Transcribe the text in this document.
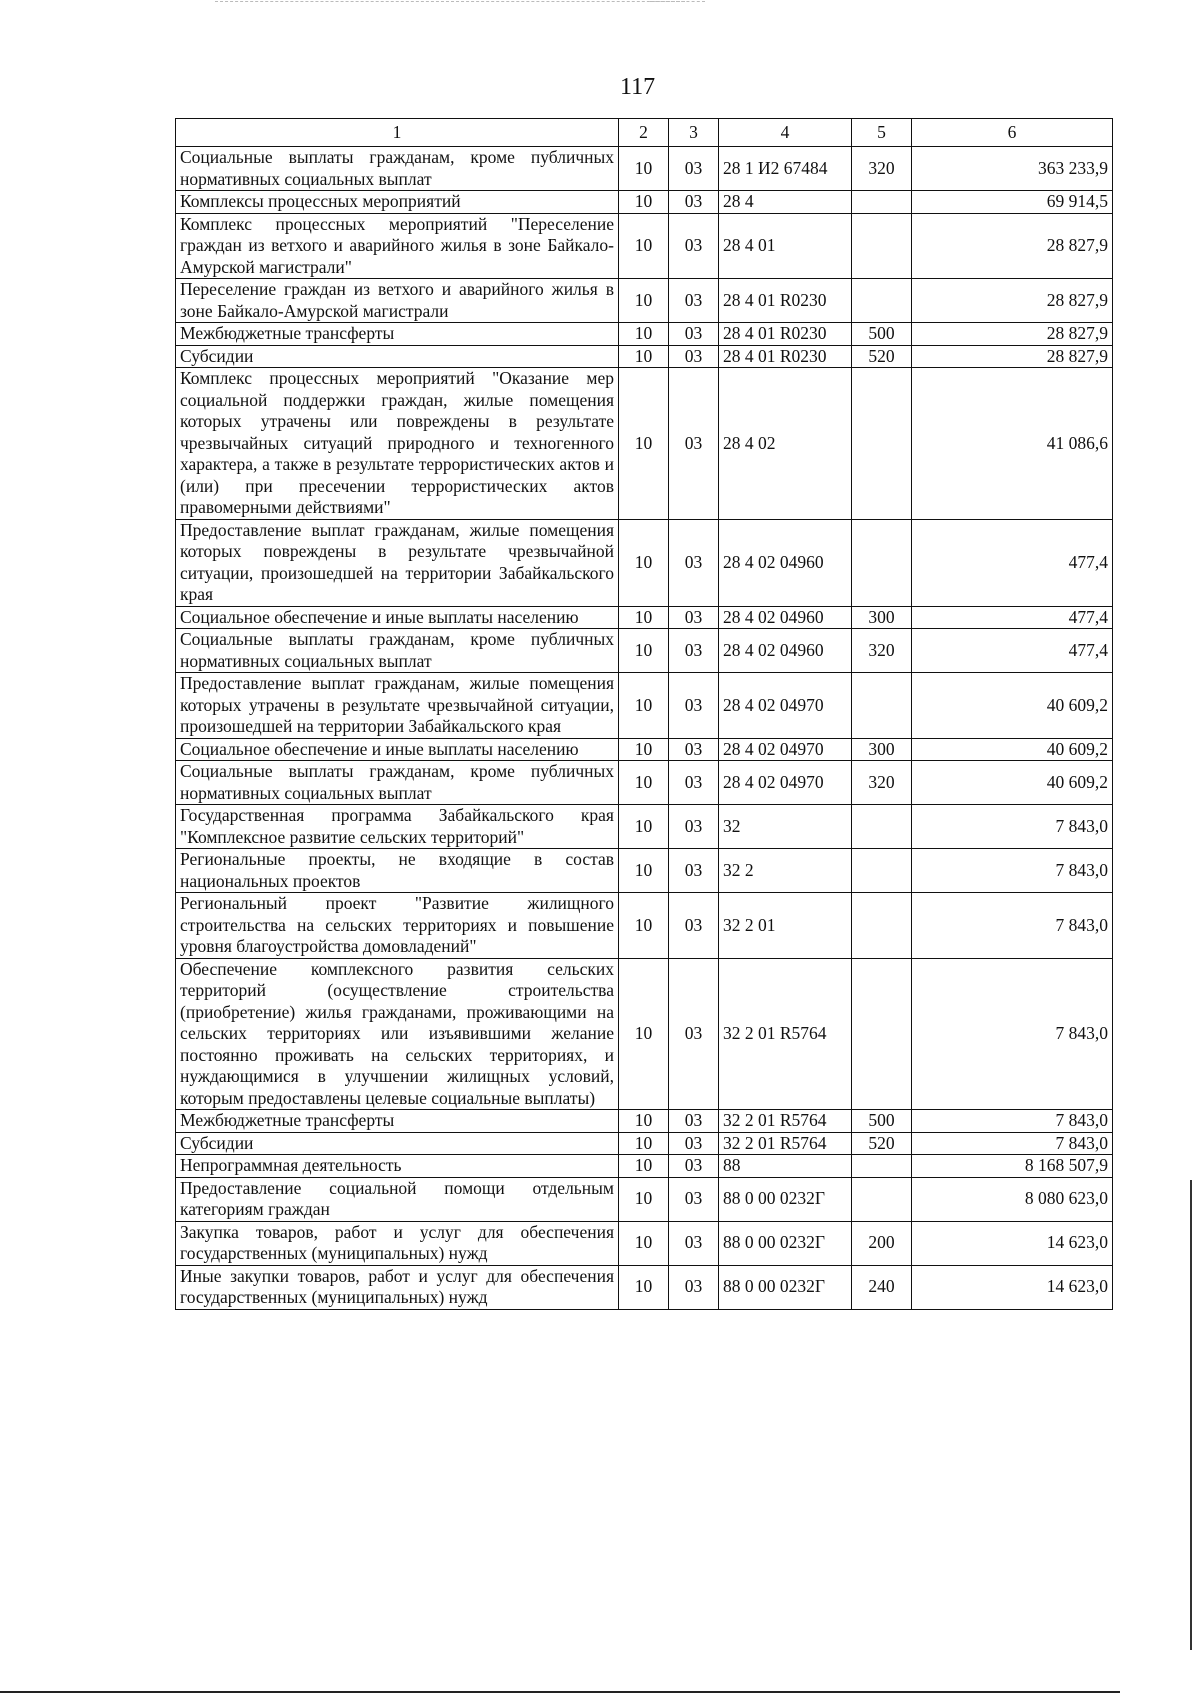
117
1	2	3	4	5	6
Социальные выплаты гражданам, кроме публичных нормативных социальных выплат	10	03	28 1 И2 67484	320	363 233,9
Комплексы процессных мероприятий	10	03	28 4		69 914,5
Комплекс процессных мероприятий "Переселение граждан из ветхого и аварийного жилья в зоне Байкало-Амурской магистрали"	10	03	28 4 01		28 827,9
Переселение граждан из ветхого и аварийного жилья в зоне Байкало-Амурской магистрали	10	03	28 4 01 R0230		28 827,9
Межбюджетные трансферты	10	03	28 4 01 R0230	500	28 827,9
Субсидии	10	03	28 4 01 R0230	520	28 827,9
Комплекс процессных мероприятий "Оказание мер социальной поддержки граждан, жилые помещения которых утрачены или повреждены в результате чрезвычайных ситуаций природного и техногенного характера, а также в результате террористических актов и (или) при пресечении террористических актов правомерными действиями"	10	03	28 4 02		41 086,6
Предоставление выплат гражданам, жилые помещения которых повреждены в результате чрезвычайной ситуации, произошедшей на территории Забайкальского края	10	03	28 4 02 04960		477,4
Социальное обеспечение и иные выплаты населению	10	03	28 4 02 04960	300	477,4
Социальные выплаты гражданам, кроме публичных нормативных социальных выплат	10	03	28 4 02 04960	320	477,4
Предоставление выплат гражданам, жилые помещения которых утрачены в результате чрезвычайной ситуации, произошедшей на территории Забайкальского края	10	03	28 4 02 04970		40 609,2
Социальное обеспечение и иные выплаты населению	10	03	28 4 02 04970	300	40 609,2
Социальные выплаты гражданам, кроме публичных нормативных социальных выплат	10	03	28 4 02 04970	320	40 609,2
Государственная программа Забайкальского края "Комплексное развитие сельских территорий"	10	03	32		7 843,0
Региональные проекты, не входящие в состав национальных проектов	10	03	32 2		7 843,0
Региональный проект "Развитие жилищного строительства на сельских территориях и повышение уровня благоустройства домовладений"	10	03	32 2 01		7 843,0
Обеспечение комплексного развития сельских территорий (осуществление строительства (приобретение) жилья гражданами, проживающими на сельских территориях или изъявившими желание постоянно проживать на сельских территориях, и нуждающимися в улучшении жилищных условий, которым предоставлены целевые социальные выплаты)	10	03	32 2 01 R5764		7 843,0
Межбюджетные трансферты	10	03	32 2 01 R5764	500	7 843,0
Субсидии	10	03	32 2 01 R5764	520	7 843,0
Непрограммная деятельность	10	03	88		8 168 507,9
Предоставление социальной помощи отдельным категориям граждан	10	03	88 0 00 0232Г		8 080 623,0
Закупка товаров, работ и услуг для обеспечения государственных (муниципальных) нужд	10	03	88 0 00 0232Г	200	14 623,0
Иные закупки товаров, работ и услуг для обеспечения государственных (муниципальных) нужд	10	03	88 0 00 0232Г	240	14 623,0
